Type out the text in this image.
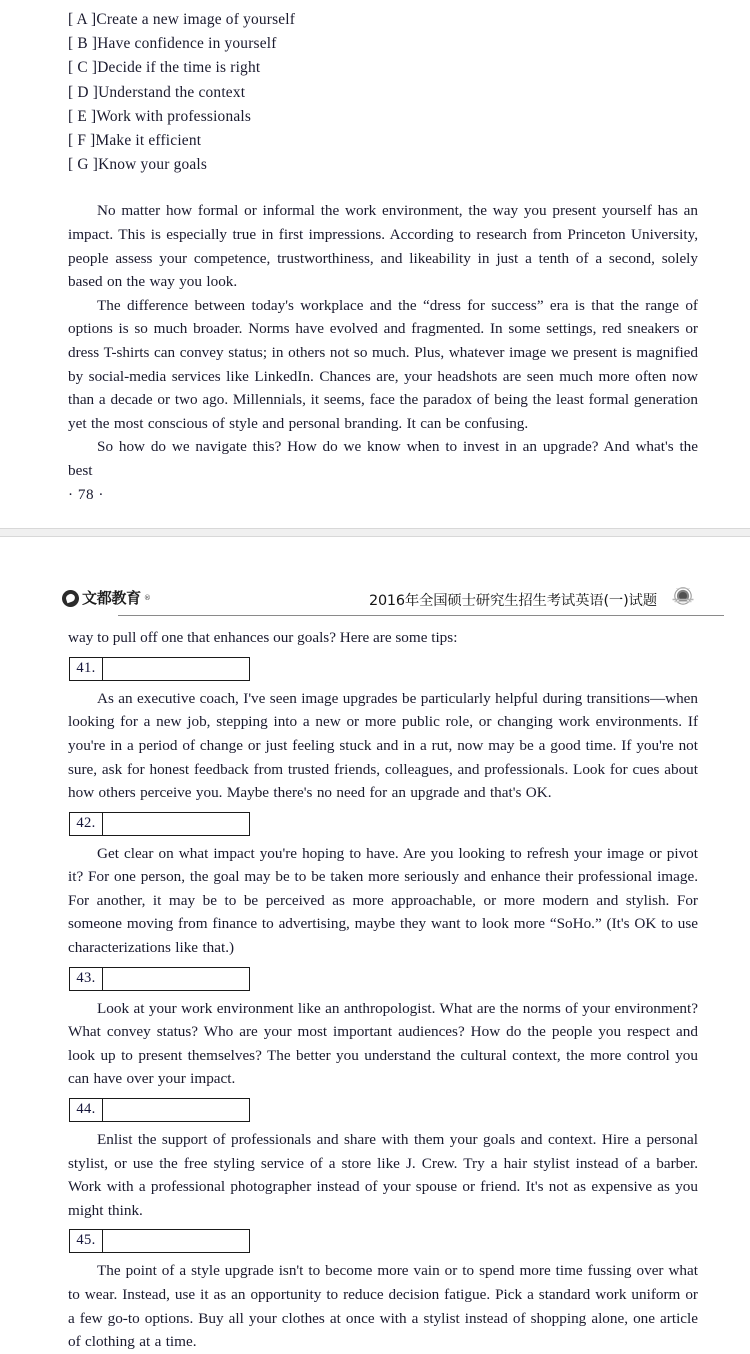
[ A ]Create a new image of yourself
[ B ]Have confidence in yourself
[ C ]Decide if the time is right
[ D ]Understand the context
[ E ]Work with professionals
[ F ]Make it efficient
[ G ]Know your goals

No matter how formal or informal the work environment, the way you present yourself has an impact. This is especially true in first impressions. According to research from Princeton University, people assess your competence, trustworthiness, and likeability in just a tenth of a second, solely based on the way you look.

The difference between today's workplace and the “dress for success” era is that the range of options is so much broader. Norms have evolved and fragmented. In some settings, red sneakers or dress T-shirts can convey status; in others not so much. Plus, whatever image we present is magnified by social-media services like LinkedIn. Chances are, your headshots are seen much more often now than a decade or two ago. Millennials, it seems, face the paradox of being the least formal generation yet the most conscious of style and personal branding. It can be confusing.

So how do we navigate this? How do we know when to invest in an upgrade? And what's the best

· 78 ·

文都教育 ®	2016年全国硕士研究生招生考试英语(一)试题

way to pull off one that enhances our goals? Here are some tips:

41.

As an executive coach, I've seen image upgrades be particularly helpful during transitions—when looking for a new job, stepping into a new or more public role, or changing work environments. If you're in a period of change or just feeling stuck and in a rut, now may be a good time. If you're not sure, ask for honest feedback from trusted friends, colleagues, and professionals. Look for cues about how others perceive you. Maybe there's no need for an upgrade and that's OK.

42.

Get clear on what impact you're hoping to have. Are you looking to refresh your image or pivot it? For one person, the goal may be to be taken more seriously and enhance their professional image. For another, it may be to be perceived as more approachable, or more modern and stylish. For someone moving from finance to advertising, maybe they want to look more “SoHo.” (It's OK to use characterizations like that.)

43.

Look at your work environment like an anthropologist. What are the norms of your environment? What convey status? Who are your most important audiences? How do the people you respect and look up to present themselves? The better you understand the cultural context, the more control you can have over your impact.

44.

Enlist the support of professionals and share with them your goals and context. Hire a personal stylist, or use the free styling service of a store like J. Crew. Try a hair stylist instead of a barber. Work with a professional photographer instead of your spouse or friend. It's not as expensive as you might think.

45.

The point of a style upgrade isn't to become more vain or to spend more time fussing over what to wear. Instead, use it as an opportunity to reduce decision fatigue. Pick a standard work uniform or a few go-to options. Buy all your clothes at once with a stylist instead of shopping alone, one article of clothing at a time.
